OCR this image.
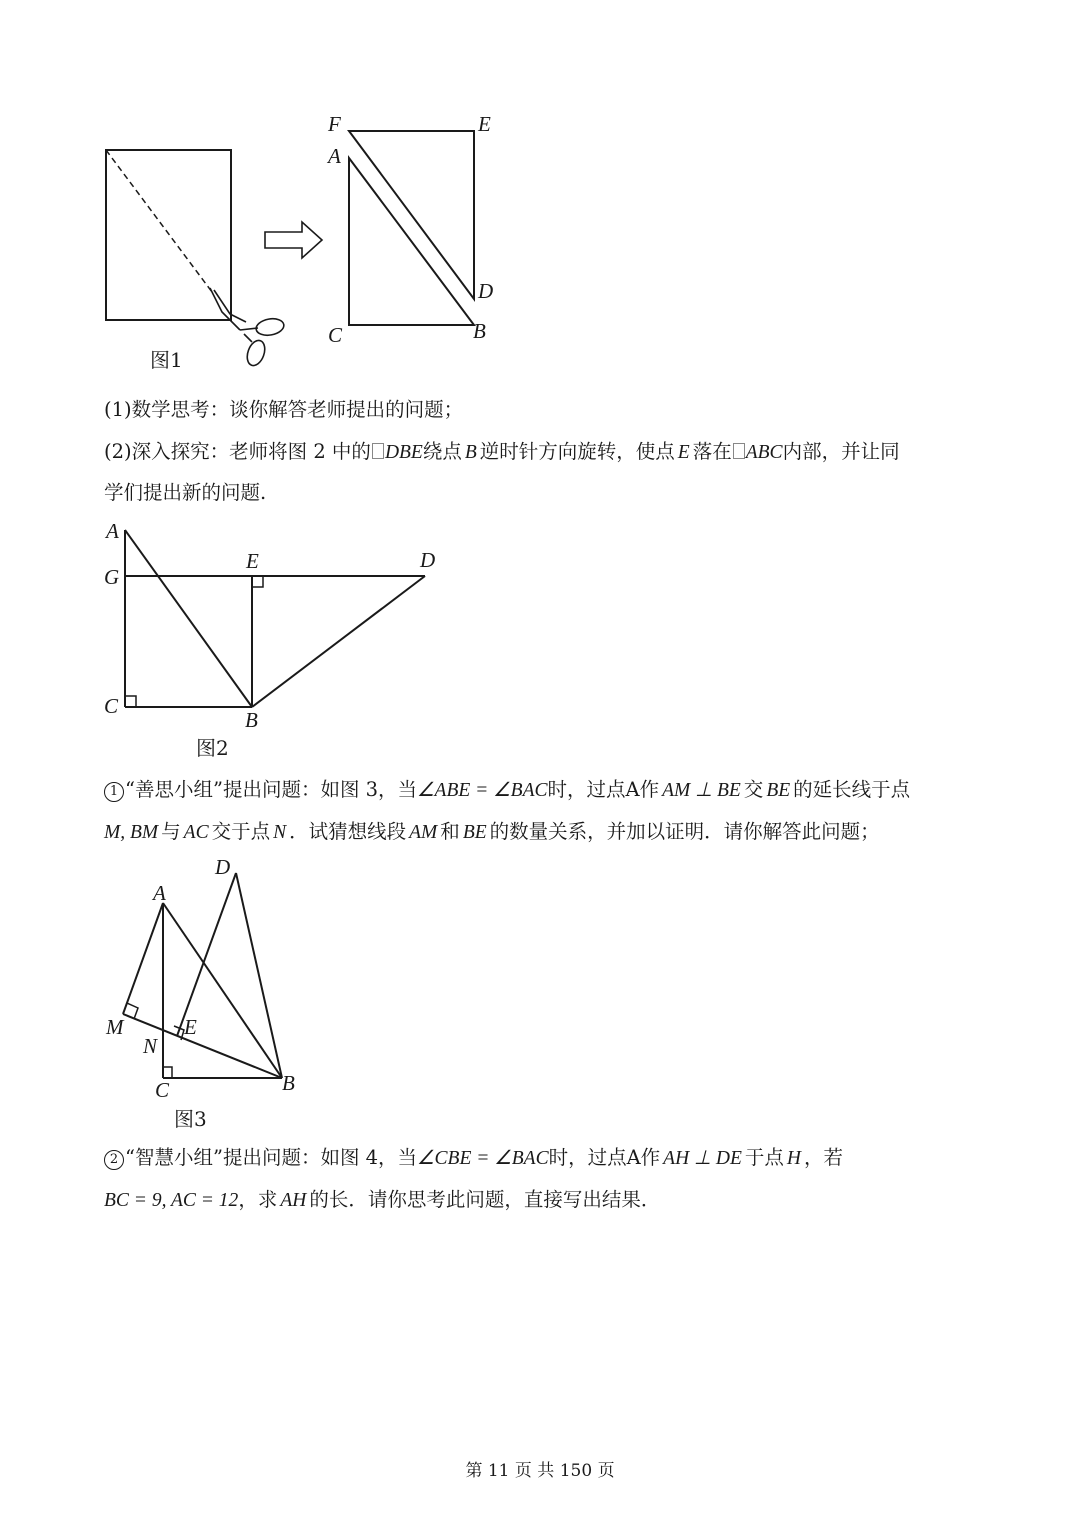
F	E
A
D
C	B
图1
A
G
E	D
C
B
图2
D
A
M	E
N
C	B
图3
(1)数学思考：谈你解答老师提出的问题；
(2)深入探究：老师将图 2 中的 DBE绕点 B 逆时针方向旋转，使点 E 落在 ABC内部，并让同
学们提出新的问题.
1 “善思小组”提出问题：如图 3，当∠ABE = ∠BAC时，过点A作 AM ⊥ BE 交 BE 的延长线于点
M, BM 与 AC 交于点 N ．试猜想线段 AM 和 BE 的数量关系，并加以证明．请你解答此问题；
2 “智慧小组”提出问题：如图 4，当∠CBE = ∠BAC时，过点A作 AH ⊥ DE 于点 H ，若
BC = 9, AC = 12，求 AH 的长．请你思考此问题，直接写出结果．
第 11 页 共 150 页
